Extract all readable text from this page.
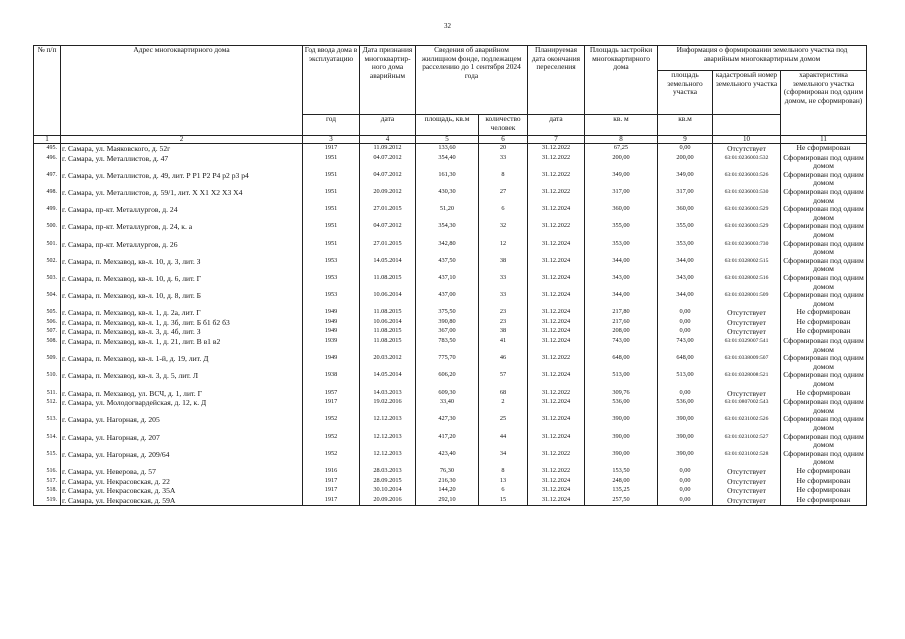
32
№ п/п	Адрес многоквартирного дома	Год ввода дома в эксплуатацию	Дата признания многоквартир-ного дома аварийным	Сведения об аварийном жилищном фонде, подлежащем расселению до 1 сентября 2024 года		Планируемая дата окончания переселения	Площадь застройки многоквартирного дома	Информация о формировании земельного участка под аварийным многоквартирным домом		
								площадь земельного участка	кадастровый номер земельного участка	характеристика земельного участка (сформирован под одним домом, не сформирован)
		год	дата	площадь, кв.м	количество человек	дата	кв. м	кв.м		
1	2	3	4	5	6	7	8	9	10	11
495.	г. Самара, ул. Маяковского, д. 52г	1917	11.09.2012	133,60	20	31.12.2022	67,25	0,00	Отсутствует	Не сформирован
496.	г. Самара, ул. Металлистов, д. 47	1951	04.07.2012	354,40	33	31.12.2022	200,00	200,00	63:01:0236003:532	Сформирован под одним домом
497.	г. Самара, ул. Металлистов, д. 49, лит. Р Р1 Р2 Р4 р2 р3 р4	1951	04.07.2012	161,30	8	31.12.2022	349,00	349,00	63:01:0236003:526	Сформирован под одним домом
498.	г. Самара, ул. Металлистов, д. 59/1, лит. Х Х1 Х2 Х3 Х4	1951	20.09.2012	430,30	27	31.12.2022	317,00	317,00	63:01:0236003:530	Сформирован под одним домом
499.	г. Самара, пр-кт. Металлургов, д. 24	1951	27.01.2015	51,20	6	31.12.2024	360,00	360,00	63:01:0236003:529	Сформирован под одним домом
500.	г. Самара, пр-кт. Металлургов, д. 24, к. а	1951	04.07.2012	354,30	32	31.12.2022	355,00	355,00	63:01:0236003:529	Сформирован под одним домом
501.	г. Самара, пр-кт. Металлургов, д. 26	1951	27.01.2015	342,80	12	31.12.2024	353,00	353,00	63:01:0236003:730	Сформирован под одним домом
502.	г. Самара, п. Мехзавод, кв-л. 10, д. 3, лит. З	1953	14.05.2014	437,50	38	31.12.2024	344,00	344,00	63:01:0328002:515	Сформирован под одним домом
503.	г. Самара, п. Мехзавод, кв-л. 10, д. 6, лит. Г	1953	11.08.2015	437,10	33	31.12.2024	343,00	343,00	63:01:0328002:516	Сформирован под одним домом
504.	г. Самара, п. Мехзавод, кв-л. 10, д. 8, лит. Б	1953	10.06.2014	437,00	33	31.12.2024	344,00	344,00	63:01:0328001:509	Сформирован под одним домом
505.	г. Самара, п. Мехзавод, кв-л. 1, д. 2а, лит. Г	1949	11.08.2015	375,50	23	31.12.2024	217,80	0,00	Отсутствует	Не сформирован
506.	г. Самара, п. Мехзавод, кв-л. 1, д. 3б, лит. Б б1 б2 б3	1949	10.06.2014	390,80	23	31.12.2024	217,60	0,00	Отсутствует	Не сформирован
507.	г. Самара, п. Мехзавод, кв-л. 3, д. 4б, лит. З	1949	11.08.2015	367,00	38	31.12.2024	208,00	0,00	Отсутствует	Не сформирован
508.	г. Самара, п. Мехзавод, кв-л. 1, д. 21, лит. В в1 в2	1939	11.08.2015	783,50	41	31.12.2024	743,00	743,00	63:01:0329007:541	Сформирован под одним домом
509.	г. Самара, п. Мехзавод, кв-л. 1-й, д. 19, лит. Д	1949	20.03.2012	775,70	46	31.12.2022	648,00	648,00	63:01:0338009:507	Сформирован под одним домом
510.	г. Самара, п. Мехзавод, кв-л. 3, д. 5, лит. Л	1938	14.05.2014	606,20	57	31.12.2024	513,00	513,00	63:01:0328008:521	Сформирован под одним домом
511.	г. Самара, п. Мехзавод, ул. ВСЧ, д. 1, лит. Г	1957	14.03.2013	609,30	68	31.12.2022	309,76	0,00	Отсутствует	Не сформирован
512.	г. Самара, ул. Молодогвардейская, д. 12, к. Д	1917	19.02.2016	33,40	2	31.12.2024	536,00	536,00	63:01:0807002:543	Сформирован под одним домом
513.	г. Самара, ул. Нагорная, д. 205	1952	12.12.2013	427,30	25	31.12.2024	390,00	390,00	63:01:0231002:526	Сформирован под одним домом
514.	г. Самара, ул. Нагорная, д. 207	1952	12.12.2013	417,20	44	31.12.2024	390,00	390,00	63:01:0231002:527	Сформирован под одним домом
515.	г. Самара, ул. Нагорная, д. 209/64	1952	12.12.2013	423,40	34	31.12.2022	390,00	390,00	63:01:0231002:528	Сформирован под одним домом
516.	г. Самара, ул. Неверова, д. 57	1916	28.03.2013	76,30	8	31.12.2022	153,50	0,00	Отсутствует	Не сформирован
517.	г. Самара, ул. Некрасовская, д. 22	1917	28.09.2015	216,30	13	31.12.2024	248,00	0,00	Отсутствует	Не сформирован
518.	г. Самара, ул. Некрасовская, д. 35А	1917	30.10.2014	144,20	6	31.12.2024	135,25	0,00	Отсутствует	Не сформирован
519.	г. Самара, ул. Некрасовская, д. 59А	1917	20.09.2016	292,10	15	31.12.2024	257,50	0,00	Отсутствует	Не сформирован
